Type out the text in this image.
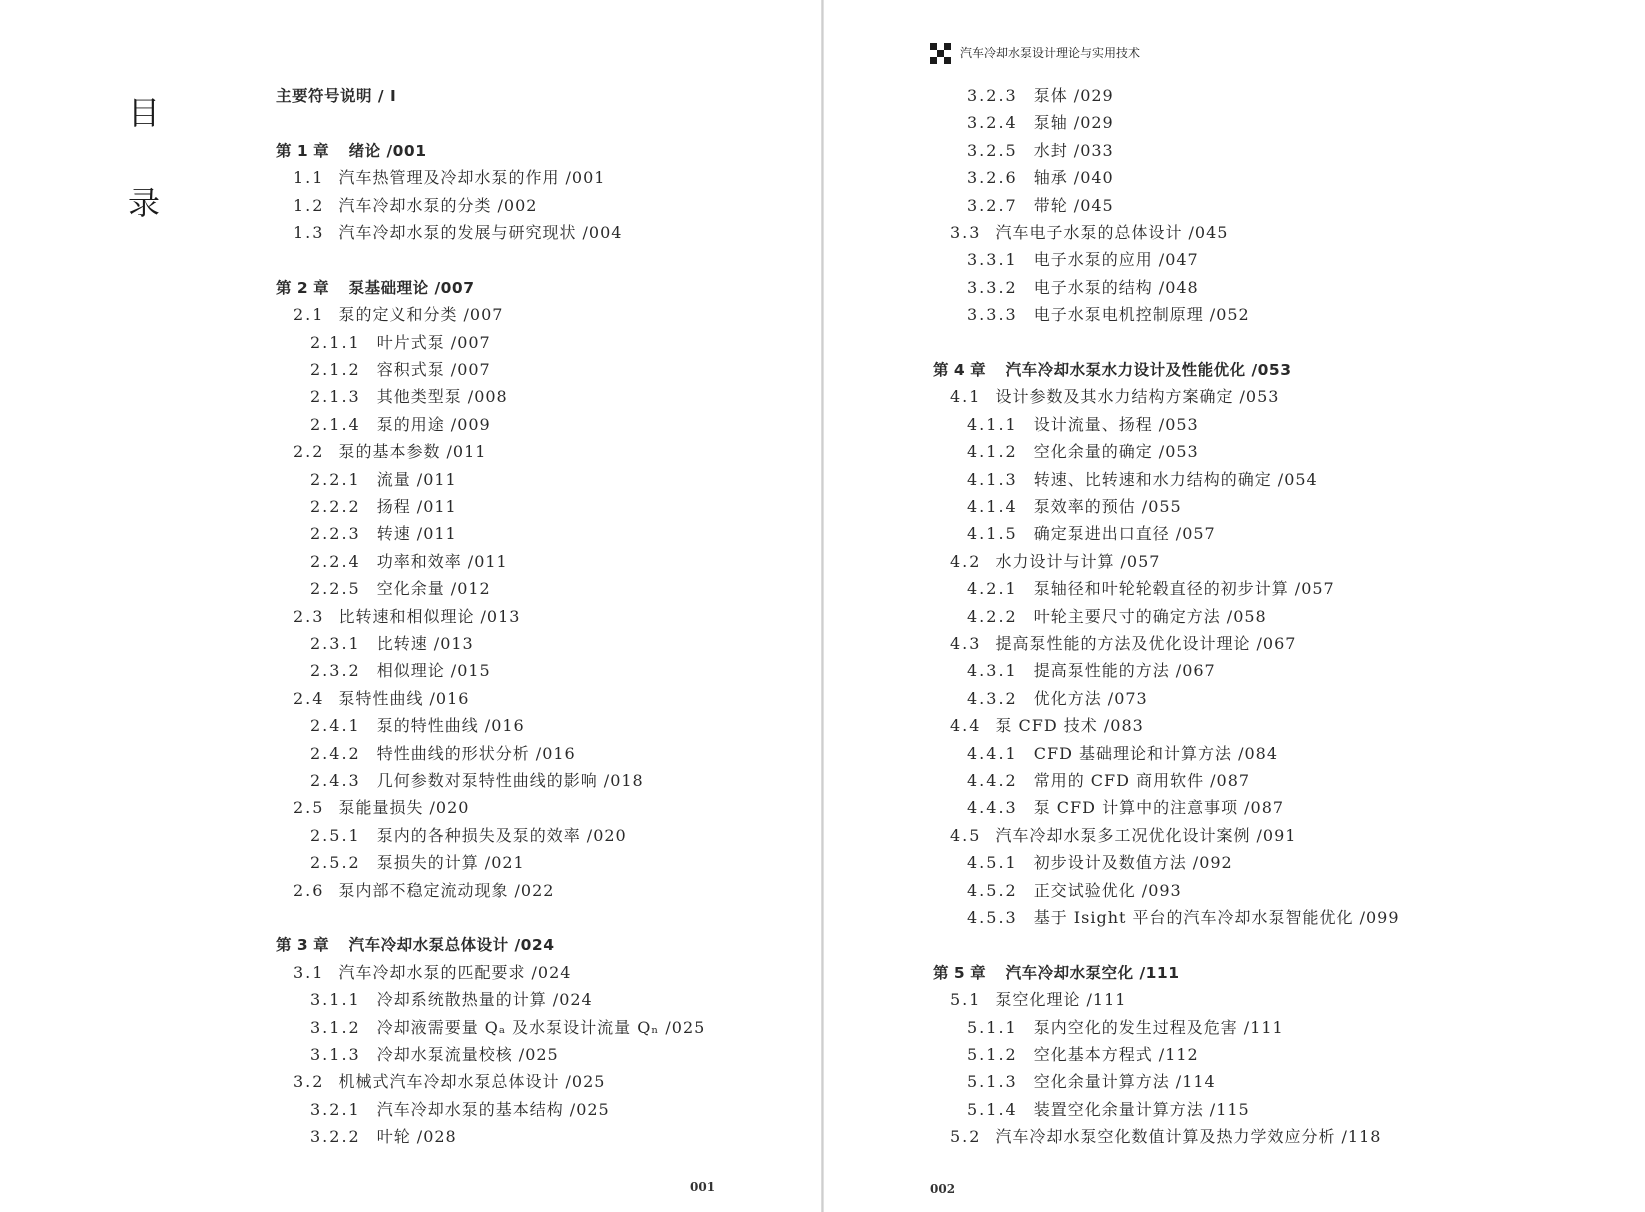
目
录
汽车冷却水泵设计理论与实用技术
主要符号说明 / I
第 1 章 绪论 /001
1.1 汽车热管理及冷却水泵的作用 /001
1.2 汽车冷却水泵的分类 /002
1.3 汽车冷却水泵的发展与研究现状 /004
第 2 章 泵基础理论 /007
2.1 泵的定义和分类 /007
2.1.1 叶片式泵 /007
2.1.2 容积式泵 /007
2.1.3 其他类型泵 /008
2.1.4 泵的用途 /009
2.2 泵的基本参数 /011
2.2.1 流量 /011
2.2.2 扬程 /011
2.2.3 转速 /011
2.2.4 功率和效率 /011
2.2.5 空化余量 /012
2.3 比转速和相似理论 /013
2.3.1 比转速 /013
2.3.2 相似理论 /015
2.4 泵特性曲线 /016
2.4.1 泵的特性曲线 /016
2.4.2 特性曲线的形状分析 /016
2.4.3 几何参数对泵特性曲线的影响 /018
2.5 泵能量损失 /020
2.5.1 泵内的各种损失及泵的效率 /020
2.5.2 泵损失的计算 /021
2.6 泵内部不稳定流动现象 /022
第 3 章 汽车冷却水泵总体设计 /024
3.1 汽车冷却水泵的匹配要求 /024
3.1.1 冷却系统散热量的计算 /024
3.1.2 冷却液需要量 Qₐ 及水泵设计流量 Qₙ /025
3.1.3 冷却水泵流量校核 /025
3.2 机械式汽车冷却水泵总体设计 /025
3.2.1 汽车冷却水泵的基本结构 /025
3.2.2 叶轮 /028
3.2.3 泵体 /029
3.2.4 泵轴 /029
3.2.5 水封 /033
3.2.6 轴承 /040
3.2.7 带轮 /045
3.3 汽车电子水泵的总体设计 /045
3.3.1 电子水泵的应用 /047
3.3.2 电子水泵的结构 /048
3.3.3 电子水泵电机控制原理 /052
第 4 章 汽车冷却水泵水力设计及性能优化 /053
4.1 设计参数及其水力结构方案确定 /053
4.1.1 设计流量、扬程 /053
4.1.2 空化余量的确定 /053
4.1.3 转速、比转速和水力结构的确定 /054
4.1.4 泵效率的预估 /055
4.1.5 确定泵进出口直径 /057
4.2 水力设计与计算 /057
4.2.1 泵轴径和叶轮轮毂直径的初步计算 /057
4.2.2 叶轮主要尺寸的确定方法 /058
4.3 提高泵性能的方法及优化设计理论 /067
4.3.1 提高泵性能的方法 /067
4.3.2 优化方法 /073
4.4 泵 CFD 技术 /083
4.4.1 CFD 基础理论和计算方法 /084
4.4.2 常用的 CFD 商用软件 /087
4.4.3 泵 CFD 计算中的注意事项 /087
4.5 汽车冷却水泵多工况优化设计案例 /091
4.5.1 初步设计及数值方法 /092
4.5.2 正交试验优化 /093
4.5.3 基于 Isight 平台的汽车冷却水泵智能优化 /099
第 5 章 汽车冷却水泵空化 /111
5.1 泵空化理论 /111
5.1.1 泵内空化的发生过程及危害 /111
5.1.2 空化基本方程式 /112
5.1.3 空化余量计算方法 /114
5.1.4 装置空化余量计算方法 /115
5.2 汽车冷却水泵空化数值计算及热力学效应分析 /118
001	002
